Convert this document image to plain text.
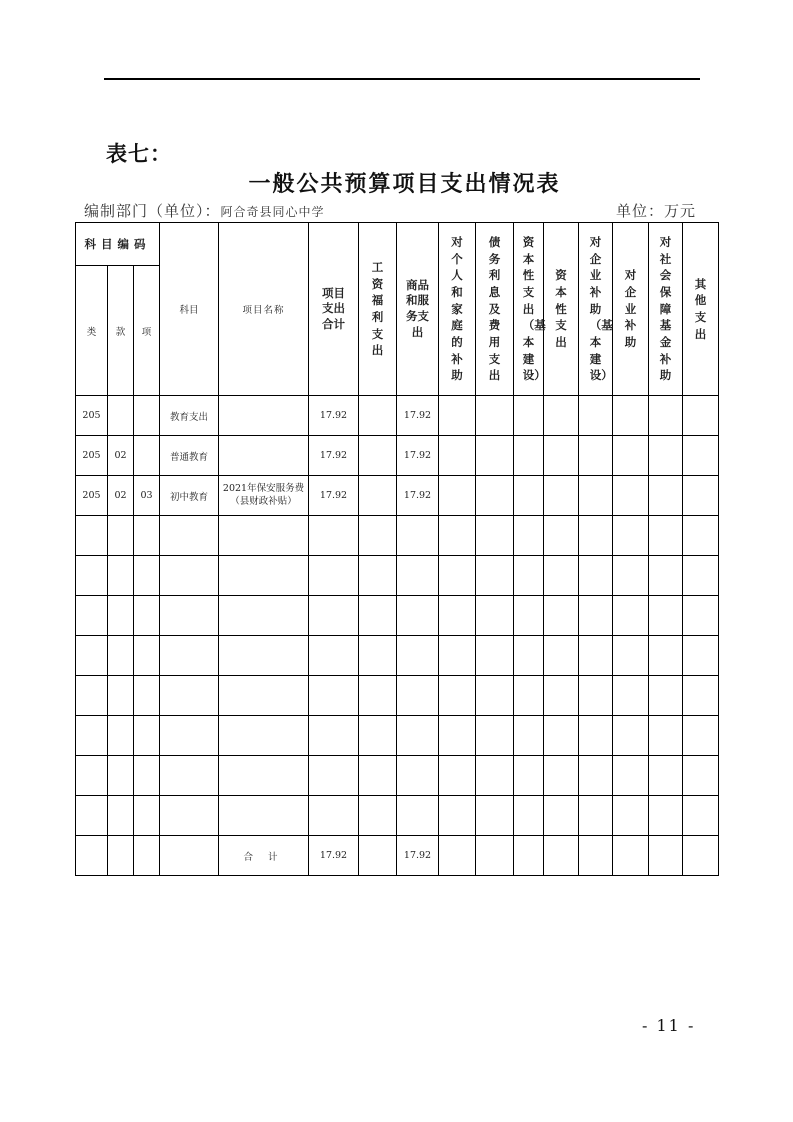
表七：
一般公共预算项目支出情况表
编制部门（单位）：阿合奇县同心中学	单位：万元
科目编码			科目	项目名称	项目支出合计	工资福利支出	商品和服务支出	对个人和家庭的补助	债务利息及费用支出	资本性支出（基本建设）	资本性支出	对企业补助（基本建设）	对企业补助	对社会保障基金补助	其他支出
类	款	项													
205			教育支出		17.92		17.92								
205	02		普通教育		17.92		17.92								
205	02	03	初中教育	2021年保安服务费（县财政补贴）	17.92		17.92								

				合 计	17.92		17.92								
- 11 -
